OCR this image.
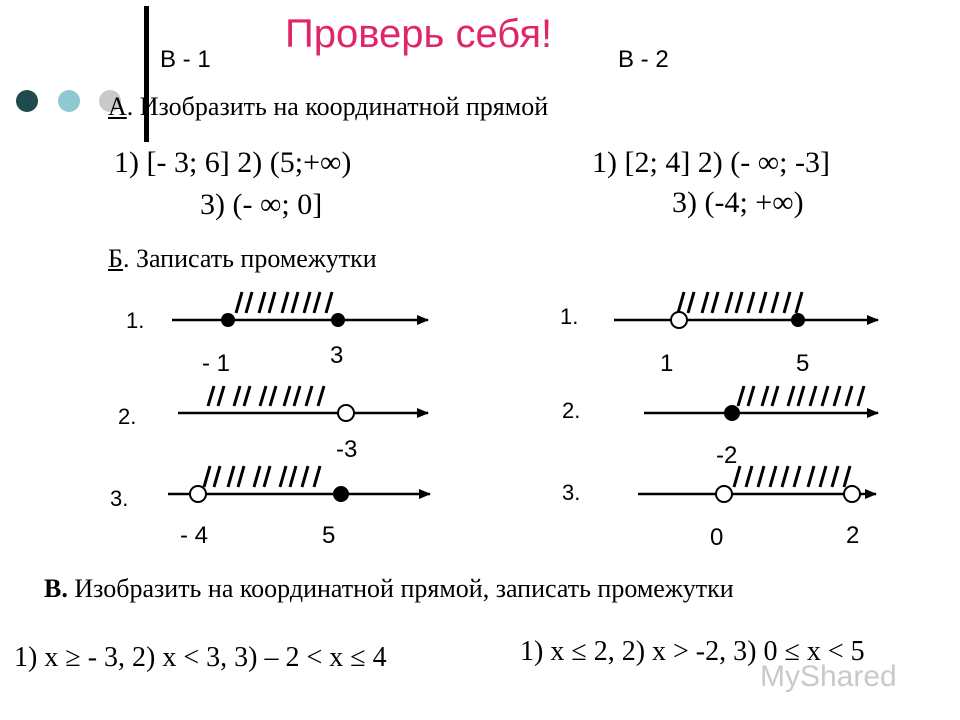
Проверь себя!
В - 1	В - 2
А. Изобразить на координатной прямой
1) [- 3; 6] 2) (5;+∞)
3) (- ∞; 0]
1) [2; 4] 2) (- ∞; -3]
3) (-4; +∞)
Б. Записать промежутки
1.
- 1	3
2.
-3
3.
- 4	5
1.
1	5
2.
-2
3.
0	2
В. Изобразить на координатной прямой, записать промежутки
1) x ≥ - 3, 2) x < 3, 3) – 2 < x ≤ 4	1) x ≤ 2, 2) x > -2, 3) 0 ≤ x < 5
MyShared
